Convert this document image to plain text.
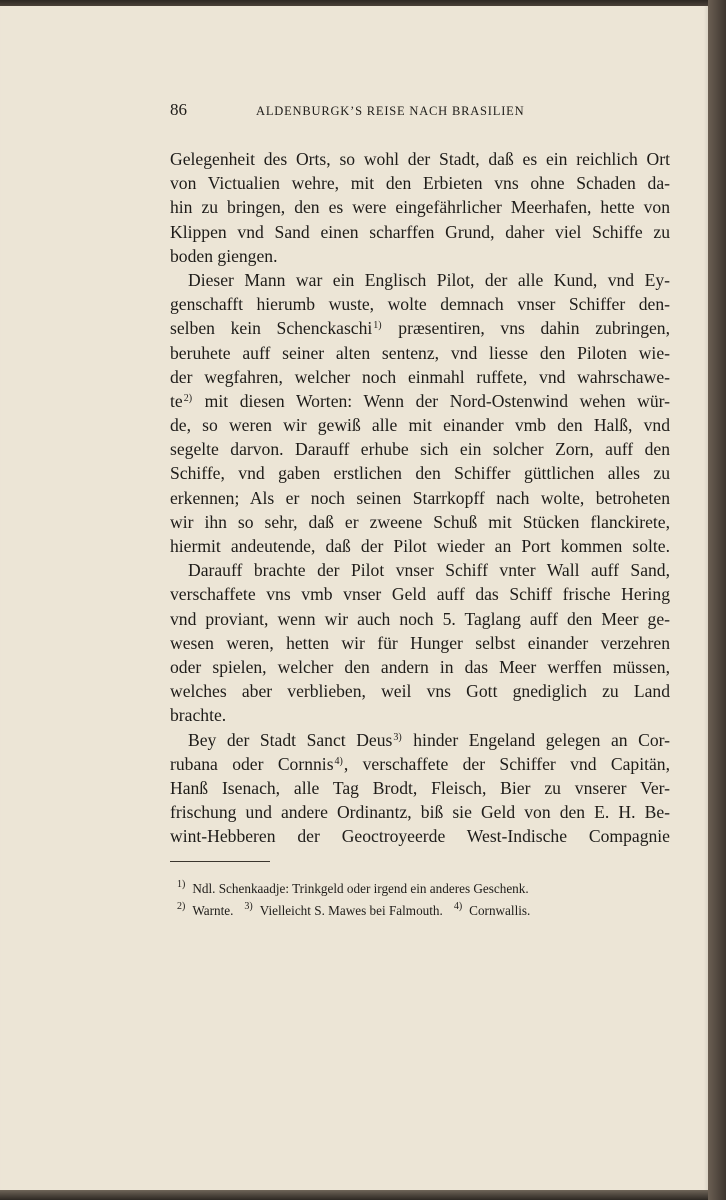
86	ALDENBURGK’S REISE NACH BRASILIEN
Gelegenheit des Orts, so wohl der Stadt, daß es ein reichlich Ort
von Victualien wehre, mit den Erbieten vns ohne Schaden da-
hin zu bringen, den es were eingefährlicher Meerhafen, hette von
Klippen vnd Sand einen scharffen Grund, daher viel Schiffe zu
boden giengen.
Dieser Mann war ein Englisch Pilot, der alle Kund, vnd Ey-
genschafft hierumb wuste, wolte demnach vnser Schiffer den-
selben kein Schenckaschi$^{1)}$ præsentiren, vns dahin zubringen,
beruhete auff seiner alten sentenz, vnd liesse den Piloten wie-
der wegfahren, welcher noch einmahl ruffete, vnd wahrschawe-
te$^{2)}$ mit diesen Worten: Wenn der Nord-Ostenwind wehen wür-
de, so weren wir gewiß alle mit einander vmb den Halß, vnd
segelte darvon. Darauff erhube sich ein solcher Zorn, auff den
Schiffe, vnd gaben erstlichen den Schiffer güttlichen alles zu
erkennen; Als er noch seinen Starrkopff nach wolte, betroheten
wir ihn so sehr, daß er zweene Schuß mit Stücken flanckirete,
hiermit andeutende, daß der Pilot wieder an Port kommen solte.
Darauff brachte der Pilot vnser Schiff vnter Wall auff Sand,
verschaffete vns vmb vnser Geld auff das Schiff frische Hering
vnd proviant, wenn wir auch noch 5. Taglang auff den Meer ge-
wesen weren, hetten wir für Hunger selbst einander verzehren
oder spielen, welcher den andern in das Meer werffen müssen,
welches aber verblieben, weil vns Gott gnediglich zu Land
brachte.
Bey der Stadt Sanct Deus$^{3)}$ hinder Engeland gelegen an Cor-
rubana oder Cornnis$^{4)}$, verschaffete der Schiffer vnd Capitän,
Hanß Isenach, alle Tag Brodt, Fleisch, Bier zu vnserer Ver-
frischung und andere Ordinantz, biß sie Geld von den E. H. Be-
wint-Hebberen der Geoctroyeerde West-Indische Compagnie
$^{1)}$ Ndl. Schenkaadje: Trinkgeld oder irgend ein anderes Geschenk.
$^{2)}$ Warnte. $^{3)}$ Vielleicht S. Mawes bei Falmouth. $^{4)}$ Cornwallis.
